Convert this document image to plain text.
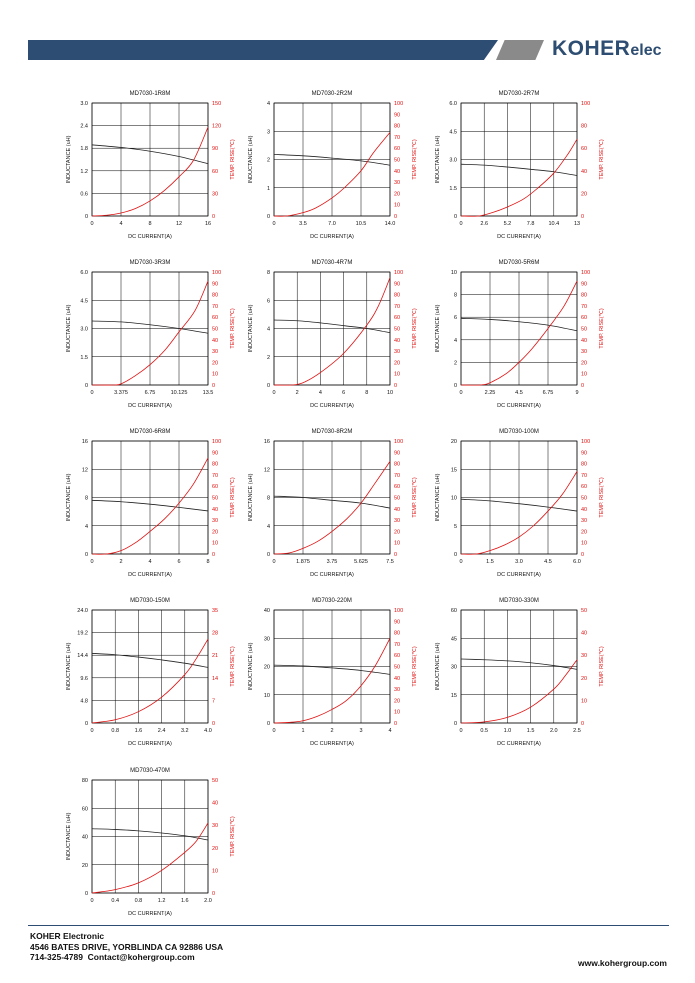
KOHERelec
MD7030-1R8M
0	4	8	12	16
0
0.6
1.2
1.8
2.4
3.0
0
30
60
90
120
150
DC CURRENT(A)
INDUCTANCE (uH)	TEMP. RISE(℃)
MD7030-2R2M
0	3.5	7.0	10.5	14.0
0
1
2
3
4
0
10
20
30
40
50
60
70
80
90
100
DC CURRENT(A)
INDUCTANCE (uH)	TEMP. RISE(℃)
MD7030-2R7M
0	2.6	5.2	7.8	10.4	13
0
1.5
3.0
4.5
6.0
0
20
40
60
80
100
DC CURRENT(A)
INDUCTANCE (uH)	TEMP. RISE(℃)
MD7030-3R3M
0	3.375	6.75	10.125	13.5
0
1.5
3.0
4.5
6.0
0
10
20
30
40
50
60
70
80
90
100
DC CURRENT(A)
INDUCTANCE (uH)	TEMP. RISE(℃)
MD7030-4R7M
0	2	4	6	8	10
0
2
4
6
8
0
10
20
30
40
50
60
70
80
90
100
DC CURRENT(A)
INDUCTANCE (uH)	TEMP. RISE(℃)
MD7030-5R6M
0	2.25	4.5	6.75	9
0
2
4
6
8
10
0
10
20
30
40
50
60
70
80
90
100
DC CURRENT(A)
INDUCTANCE (uH)	TEMP. RISE(℃)
MD7030-6R8M
0	2	4	6	8
0
4
8
12
16
0
10
20
30
40
50
60
70
80
90
100
DC CURRENT(A)
INDUCTANCE (uH)	TEMP. RISE(℃)
MD7030-8R2M
0	1.875	3.75	5.625	7.5
0
4
8
12
16
0
10
20
30
40
50
60
70
80
90
100
DC CURRENT(A)
INDUCTANCE (uH)	TEMP. RISE(℃)
MD7030-100M
0	1.5	3.0	4.5	6.0
0
5
10
15
20
0
10
20
30
40
50
60
70
80
90
100
DC CURRENT(A)
INDUCTANCE (uH)	TEMP. RISE(℃)
MD7030-150M
0	0.8	1.6	2.4	3.2	4.0
0
4.8
9.6
14.4
19.2
24.0
0
7
14
21
28
35
DC CURRENT(A)
INDUCTANCE (uH)	TEMP. RISE(℃)
MD7030-220M
0	1	2	3	4
0
10
20
30
40
0
10
20
30
40
50
60
70
80
90
100
DC CURRENT(A)
INDUCTANCE (uH)	TEMP. RISE(℃)
MD7030-330M
0	0.5	1.0	1.5	2.0	2.5
0
15
30
45
60
0
10
20
30
40
50
DC CURRENT(A)
INDUCTANCE (uH)	TEMP. RISE(℃)
MD7030-470M
0	0.4	0.8	1.2	1.6	2.0
0
20
40
60
80
0
10
20
30
40
50
DC CURRENT(A)
INDUCTANCE (uH)	TEMP. RISE(℃)
KOHER Electronic
4546 BATES DRIVE, YORBLINDA CA 92886 USA
714-325-4789  Contact@kohergroup.com
www.kohergroup.com
